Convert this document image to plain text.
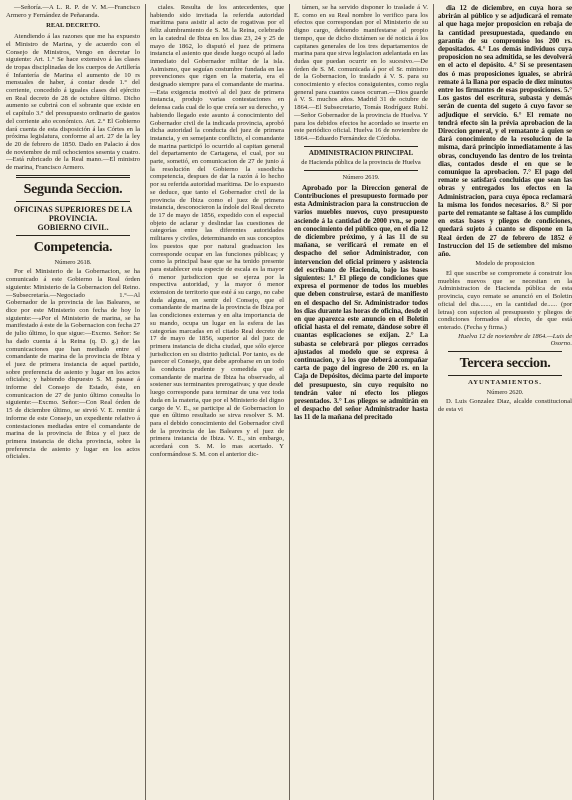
—Señoría.—A L. R. P. de V. M.—Francisco Armero y Fernández de Peñaranda.

REAL DECRETO.

Atendiendo á las razones que me ha expuesto el Ministro de Marina, y de acuerdo con el Consejo de Ministros, Vengo en decretar lo siguiente: Art. 1.° Se hace extensivo á las clases de tropas disciplinadas de los cuerpos de Artillería é Infantería de Marina el aumento de 10 rs mensuales de haber, á contar desde 1.° del corriente, concedido á iguales clases del ejército en Real decreto de 28 de octubre último. Dicho aumento se cubrirá con el sobrante que existe en el capítulo 3.° del presupuesto ordinario de gastos del corriente año económico. Art. 2.° El Gobierno dará cuenta de esta disposición á las Córtes en la próxima legislatura, conforme al art. 27 de la ley de 20 de febrero de 1850. Dado en Palacio á dos de noviembre de mil ochocientos sesenta y cuatro.—Está rubricado de la Real mano.—El ministro de marina, Francisco Armero.

Segunda Seccion.

OFICINAS SUPERIORES DE LA PROVINCIA.

GOBIERNO CIVIL.

Competencia.

Número 2618.

Por el Ministerio de la Gobernacion, se ha comunicado á este Gobierno la Real órden siguiente: Ministerio de la Gobernacion del Reino.—Subsecretaría.—Negociado 1.°—Al Gobernador de la provincia de las Baleares, se dice por este Ministerio con fecha de hoy lo siguiente:—«Por el Ministerio de marina, se ha manifestado á este de la Gobernacion con fecha 27 de julio último, lo que sigue:—Excmo. Señor: Se ha dado cuenta á la Reina (q. D. g.) de las comunicaciones que han mediado entre el comandante de marina de la provincia de Ibiza y el juez de primera instancia de aquel partido, sobre preferencia de asiento y lugar en los actos oficiales; y habiendo dispuesto S. M. pasase á informe del Consejo de Estado, éste, en comunicacion de 27 de junio último consulta lo siguiente:—Excmo. Señor:—Con Real órden de 15 de diciembre último, se sirvió V. E. remitir á informe de este Consejo, un expediente relativo á contestaciones mediadas entre el comandante de marina de la provincia de Ibiza y el juez de primera instancia de dicha provincia, sobre la preferencia de asiento y lugar en los actos oficiales.

ciales. Resulta de los antecedentes, que habiendo sido invitada la referida autoridad marítima para asistir al acto de rogativas por el feliz alumbramiento de S. M. la Reina, celebrado en la catedral de Ibiza en los dias 23, 24 y 25 de mayo de 1862, lo disputó el juez de primera instancia el asiento que desde luego ocupó al lado inmediato del Gobernador militar de la isla. Asimismo, que seguían costumbre fundada en las prevenciones que rigen en la materia, era el designado siempre para el comandante de marina.—Esta exigencia motivó al del juez de primera instancia, produjo varias contestaciones en defensa cada cual de lo que creía ser su derecho, y habiendo llegado este asunto á conocimiento del Gobernador civil de la indicada provincia, aprobó dicha autoridad la conducta del juez de primera instancia, y en semejante conflicto, el comandante de marina participó lo ocurrido al capitan general del departamento de Cartagena, el cual, por su parte, sometió, en comunicacion de 27 de junio á la resolución del Gobierno la susodicha competencia, despues de dar la razón á lo hecho por su referida autoridad marítima. De lo expuesto se deduce, que tanto el Gobernador civil de la provincia de Ibiza como el juez de primera instancia, desconocieron la índole del Real decreto de 17 de mayo de 1856, expedido con el especial objeto de aclarar y deslindar las cuestiones de categorías entre las diferentes autoridades militares y civiles, determinando en sus conceptos los puestos que por natural graduacion les corresponde ocupar en las funciones públicas; y como la principal base que se ha tenido presente para establecer esta especie de escala es la mayor ó menor jurisdiccion que se ejerza por la respectiva autoridad, y la mayor ó menor extension de territorio que esté á su cargo, no cabe duda alguna, en sentir del Consejo, que el comandante de marina de la provincia de Ibiza por las condiciones externas y en alta importancia de su mando, ocupa un lugar en la esfera de las categorías marcadas en el citado Real decreto de 17 de mayo de 1856, superior al del juez de primera instancia de dicha ciudad, que sólo ejerce jurisdiccion en su distrito judicial. Por tanto, es de parecer el Consejo, que debe aprobarse en un todo la conducta prudente y comedida que el comandante de marina de Ibiza ha observado, al sostener sus terminantes prerogativas; y que desde luego corresponde para terminar de una vez toda duda en la materia, que por el Ministerio del digno cargo de V. E., se participe al de Gobernacion lo que en último resultado se sirva resolver S. M. para el debido conocimiento del Gobernador civil de la provincia de las Baleares y el juez de primera instancia de Ibiza. V. E., sin embargo, acordará con S. M. lo mas acertado. Y conformándose S. M. con el anterior dic-

támen, se ha servido disponer lo traslade á V. E. como en su Real nombre lo verifico para los efectos que correspondan por el Ministerio de su digno cargo, debiendo manifestarse al propio tiempo, que de dicho dictámen se dé noticia á los capitanes generales de los tres departamentos de marina para que sirva legislacion adelantada en las dudas que puedan ocurrir en lo sucesivo.—De órden de S. M. comunicada á por el Sr. ministro de la Gobernacion, lo traslado á V. S. para su conocimiento y efectos consiguientes, como regla general para cuantos casos ocurran.—Dios guarde á V. S. muchos años. Madrid 31 de octubre de 1864.—El Subsecretario, Tomás Rodríguez Rubí.—Señor Gobernador de la provincia de Huelva. Y para los debidos efectos he acordado se inserte en este periódico oficial. Huelva 16 de noviembre de 1864.—Eduardo Fernández de Córdoba.

ADMINISTRACION PRINCIPAL

de Hacienda pública de la provincia de Huelva

Número 2619.

Aprobado por la Direccion general de Contribuciones el presupuesto formado por esta Administracion para la construccion de varios muebles nuevos, cuyo presupuesto asciende á la cantidad de 2000 rvn., se pone en conocimiento del público que, en el dia 12 de diciembre próximo, y á las 11 de su mañana, se verificará el remate en el despacho del señor Administrador, con intervencion del oficial primero y asistencia del escribano de Hacienda, bajo las bases siguientes: 1.° El pliego de condiciones que expresa el pormenor de todos los muebles que deben construirse, estará de manifiesto en el despacho del Sr. Administrador todos los dias durante las horas de oficina, desde el en que aparezca este anuncio en el Boletin oficial hasta el del remate, dándose sobre él cuantas esplicaciones se exijan. 2.° La subasta se celebrará por pliegos cerrados ajustados al modelo que se expresa á continuacion, y á los que deberá acompañar carta de pago del ingreso de 200 rs. en la Caja de Depósitos, décima parte del importe del presupuesto, sin cuyo requisito no tendrán valor ni efecto los pliegos presentados. 3.° Los pliegos se admitirán en el despacho del señor Administrador hasta las 11 de la mañana del precitado

dia 12 de diciembre, en cuya hora se abrirán al público y se adjudicará el remate al que haga mejor proposicion en rebaja de la cantidad presupuestada, quedando en garantía de su compromiso los 200 rs. depositados. 4.° Los demás individuos cuya proposicion no sea admitida, se les devolverá en el acto el depósito. 4.° Si se presentasen dos ó mas proposiciones iguales, se abrirá remate á la llana por espacio de diez minutos entre los firmantes de esas proposiciones. 5.° Los gastos del escritura, subasta y demás serán de cuenta del sugeto á cuyo favor se adjudique el servicio. 6.° El remate no tendrá efecto sin la prévia aprobacion de la Direccion general, y el rematante á quien se dará conocimiento de la resolucion de la misma, dará principio inmediatamente á las obras, concluyendo las dentro de los treinta dias, contados desde el en que se le comunique la aprobacion. 7.° El pago del remate se satisfará concluidas que sean las obras y entregados los efectos en la Administracion, para cuya época reclamará la misma los fondos necesarios. 8.° Si por parte del rematante se faltase á los cumplido en estas bases y pliegos de condiciones, quedará sujeto á cuanto se dispone en la Real órden de 27 de febrero de 1852 é Instruccion del 15 de setiembre del mismo año.

Modelo de proposicion

El que suscribe se compromete á construir los muebles nuevos que se necesitan en la Administracion de Hacienda pública de esta provincia, cuyo remate se anunció en el Boletin oficial del dia......., en la cantidad de...... (por letras) con sujecion al presupuesto y pliegos de condiciones formados al efecto, de que está enterado. (Fecha y firma.)

Huelva 12 de noviembre de 1864.—Luis de Osorno.

Tercera seccion.

AYUNTAMIENTOS.

Número 2620.

D. Luis Gonzalez Diaz, alcalde constitucional de esta vi
